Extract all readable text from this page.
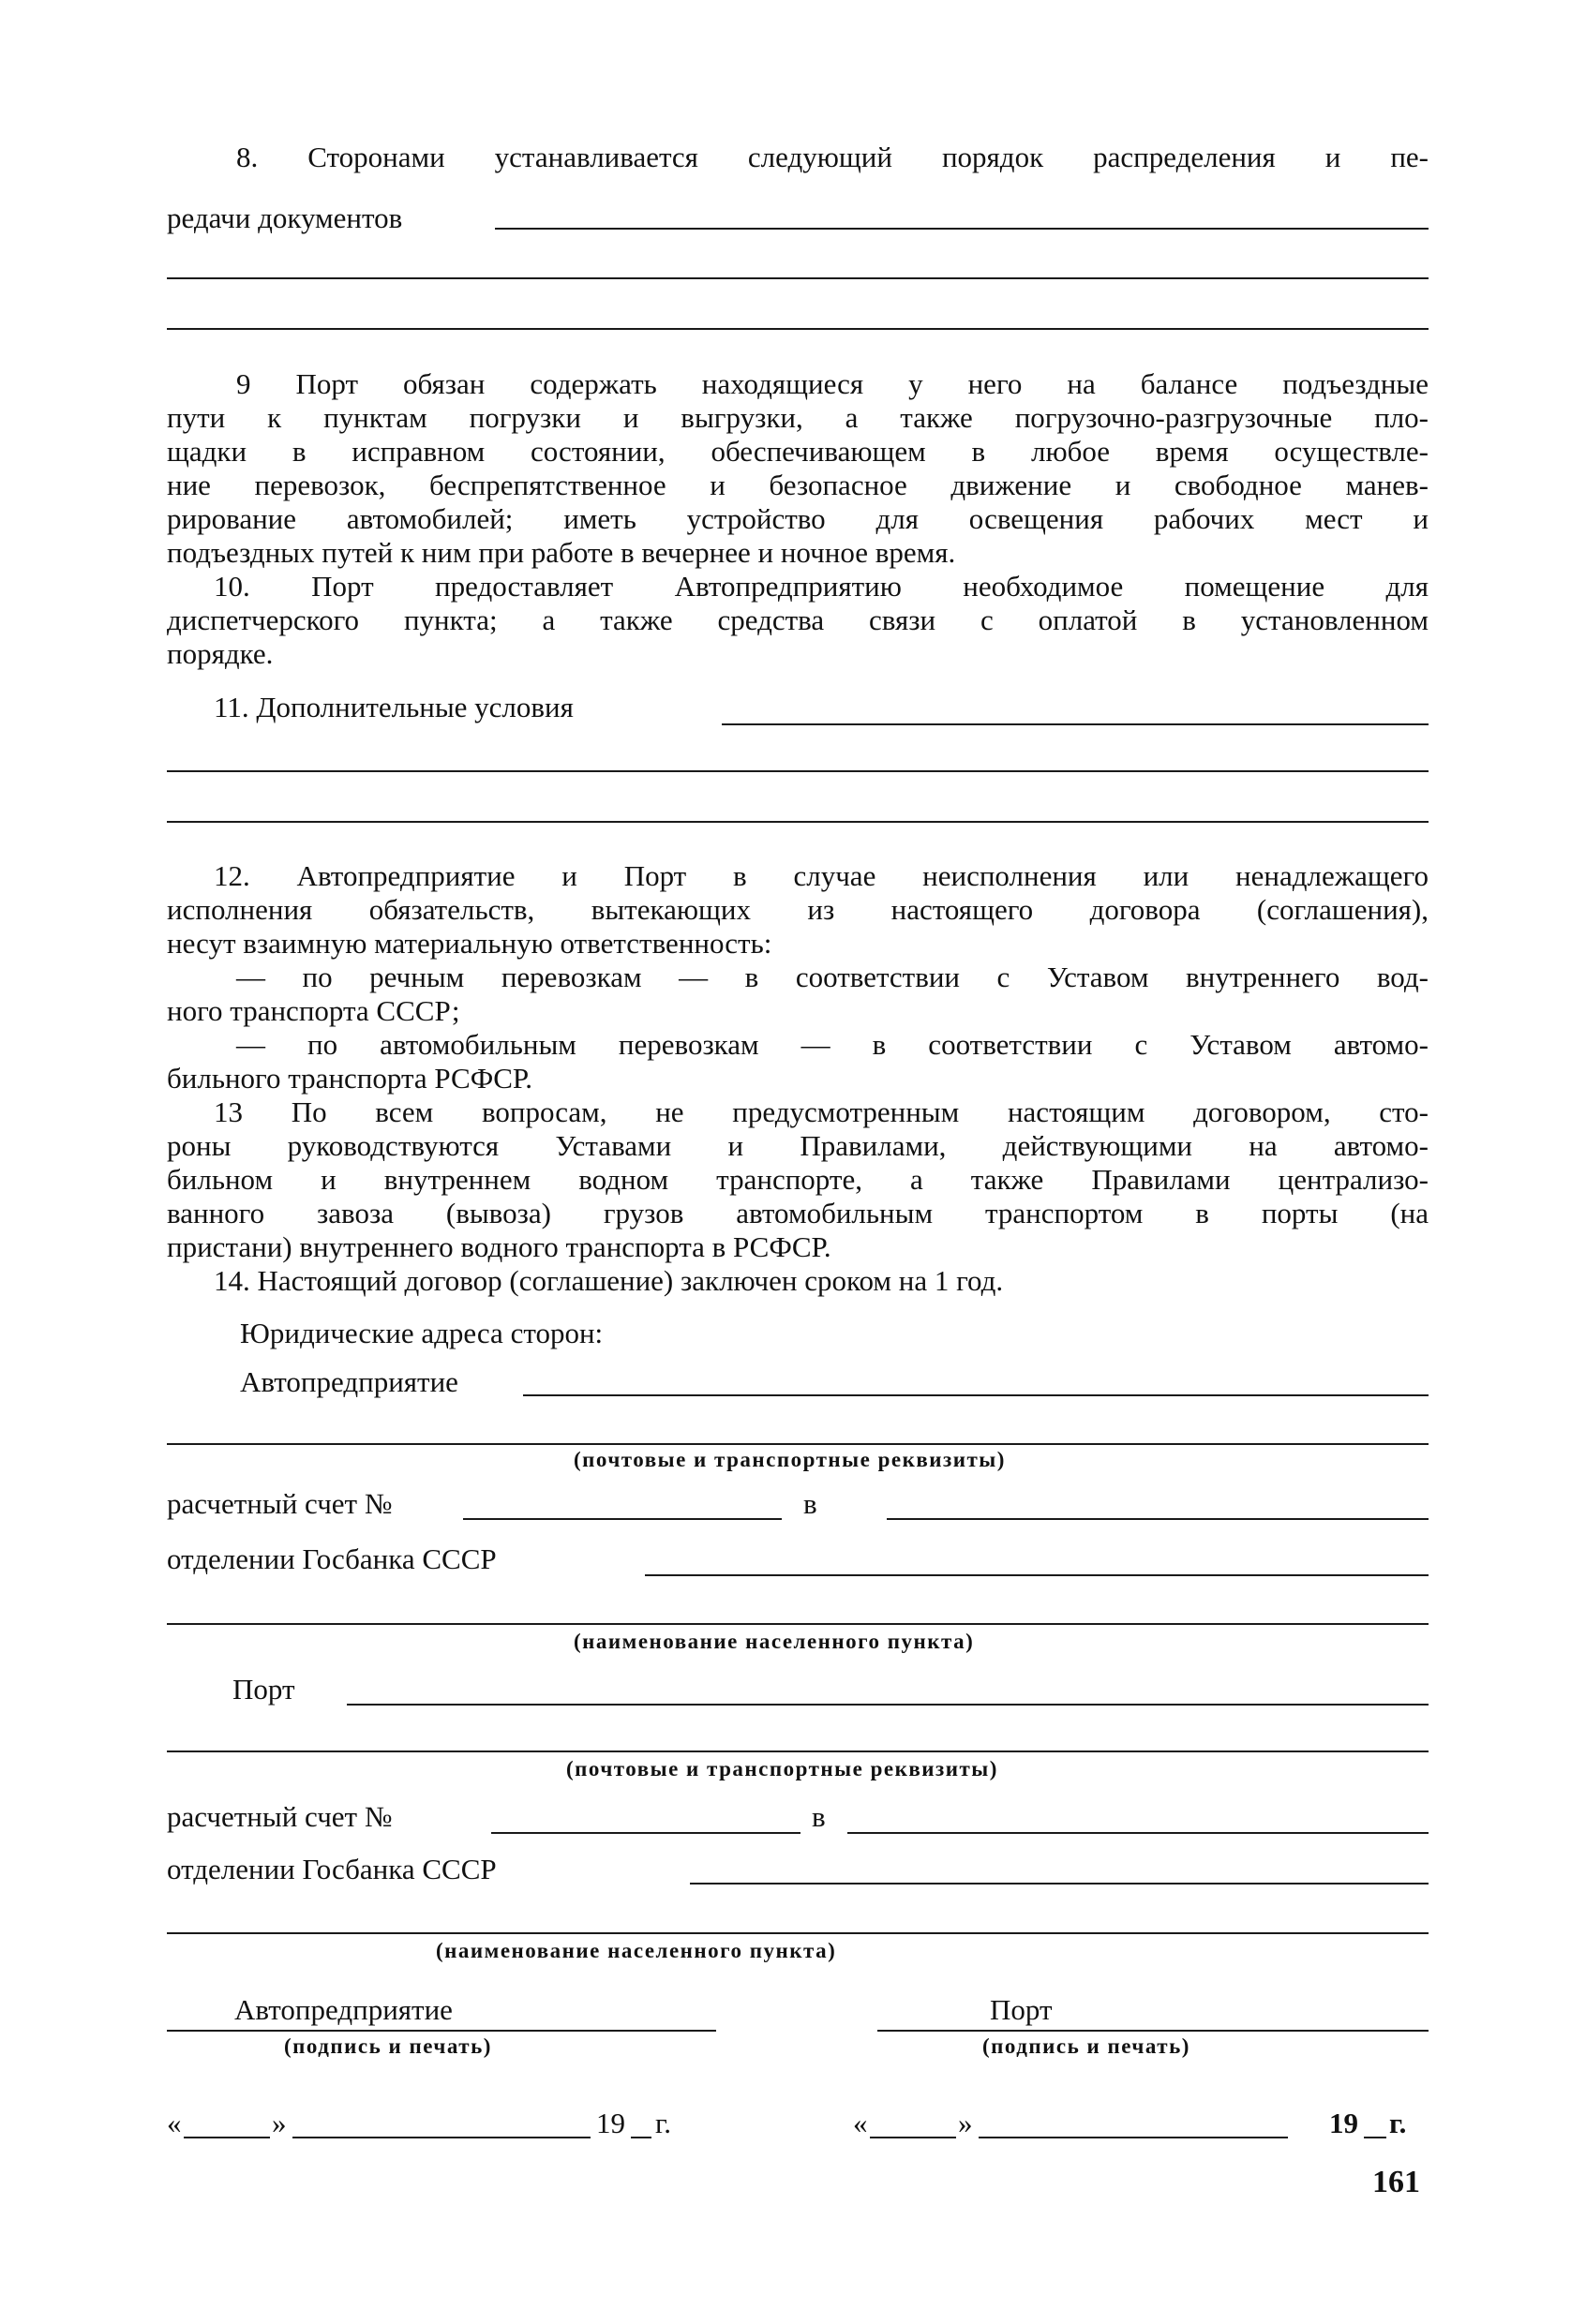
8. Сторонами устанавливается следующий порядок распределения и пе-
редачи документов
9 Порт обязан содержать находящиеся у него на балансе подъездные
пути к пунктам погрузки и выгрузки, а также погрузочно-разгрузочные пло-
щадки в исправном состоянии, обеспечивающем в любое время осуществле-
ние перевозок, беспрепятственное и безопасное движение и свободное манев-
рирование автомобилей; иметь устройство для освещения рабочих мест и
подъездных путей к ним при работе в вечернее и ночное время.
10. Порт предоставляет Автопредприятию необходимое помещение для
диспетчерского пункта; а также средства связи с оплатой в установленном
порядке.
11. Дополнительные условия
12. Автопредприятие и Порт в случае неисполнения или ненадлежащего
исполнения обязательств, вытекающих из настоящего договора (соглашения),
несут взаимную материальную ответственность:
— по речным перевозкам — в соответствии с Уставом внутреннего вод-
ного транспорта СССР;
— по автомобильным перевозкам — в соответствии с Уставом автомо-
бильного транспорта РСФСР.
13 По всем вопросам, не предусмотренным настоящим договором, сто-
роны руководствуются Уставами и Правилами, действующими на автомо-
бильном и внутреннем водном транспорте, а также Правилами централизо-
ванного завоза (вывоза) грузов автомобильным транспортом в порты (на
пристани) внутреннего водного транспорта в РСФСР.
14. Настоящий договор (соглашение) заключен сроком на 1 год.
Юридические адреса сторон:
Автопредприятие
(почтовые и транспортные реквизиты)
расчетный счет №	в
отделении Госбанка СССР
(наименование населенного пункта)
Порт
(почтовые и транспортные реквизиты)
расчетный счет №	в
отделении Госбанка СССР
(наименование населенного пункта)
Автопредприятие
(подпись и печать)
Порт
(подпись и печать)
«	»	19 г.	«	»	19 г.
161
